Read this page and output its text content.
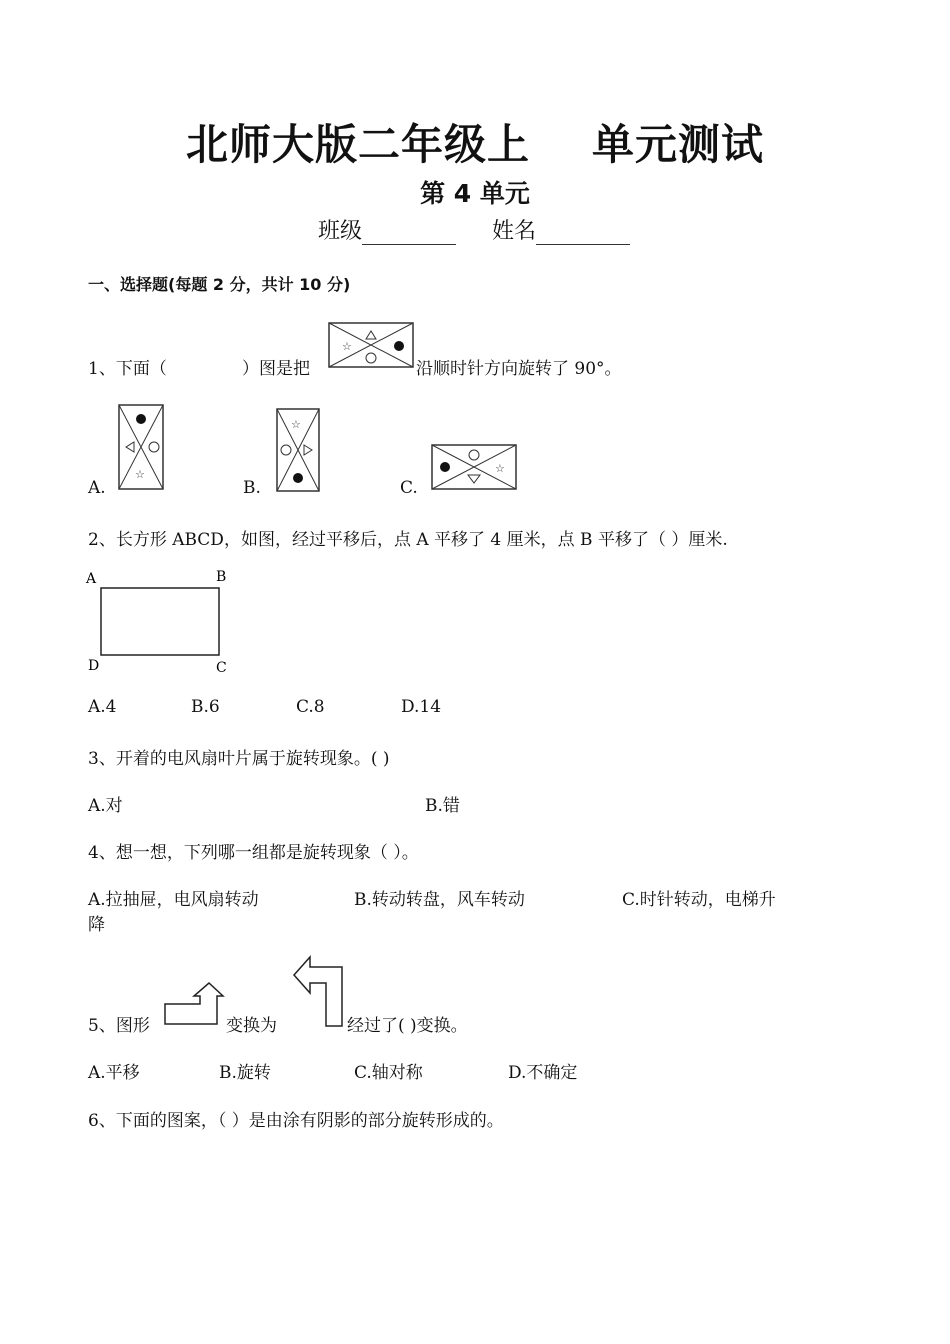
北师大版二年级上 单元测试
第 4 单元
班级	姓名
一、选择题(每题 2 分，共计 10 分)
1、下面（	）图是把
☆
沿顺时针方向旋转了 90°。
A.
☆
B.
☆
C.
☆
2、长方形 ABCD，如图，经过平移后，点 A 平移了 4 厘米，点 B 平移了（ ）厘米.
A	B
D	C
A.4	B.6	C.8	D.14
3、开着的电风扇叶片属于旋转现象。( )
A.对	B.错
4、想一想，下列哪一组都是旋转现象（ ）。
A.拉抽屉，电风扇转动	B.转动转盘，风车转动	C.时针转动，电梯升
降
5、图形	变换为	经过了( )变换。
A.平移	B.旋转	C.轴对称	D.不确定
6、下面的图案，（ ）是由涂有阴影的部分旋转形成的。
